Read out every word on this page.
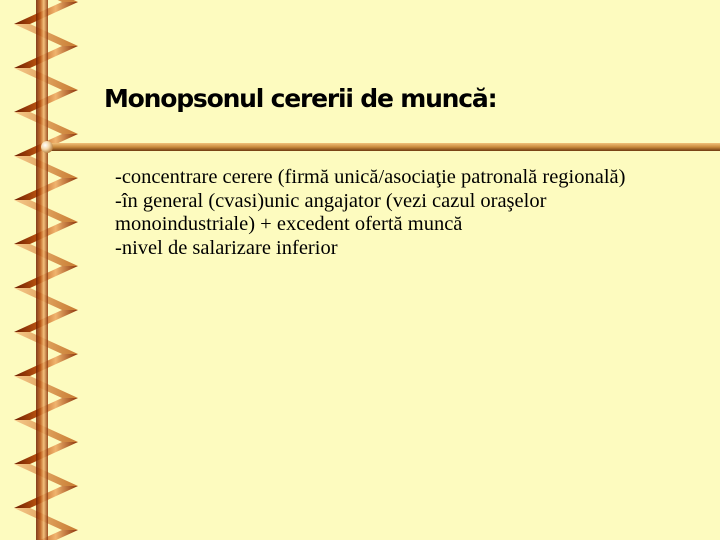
Monopsonul cererii de muncă:

-concentrare cerere (firmă unică/asociaţie patronală regională)

-în general (cvasi)unic angajator (vezi cazul oraşelor monoindustriale) + excedent ofertă muncă

-nivel de salarizare inferior
